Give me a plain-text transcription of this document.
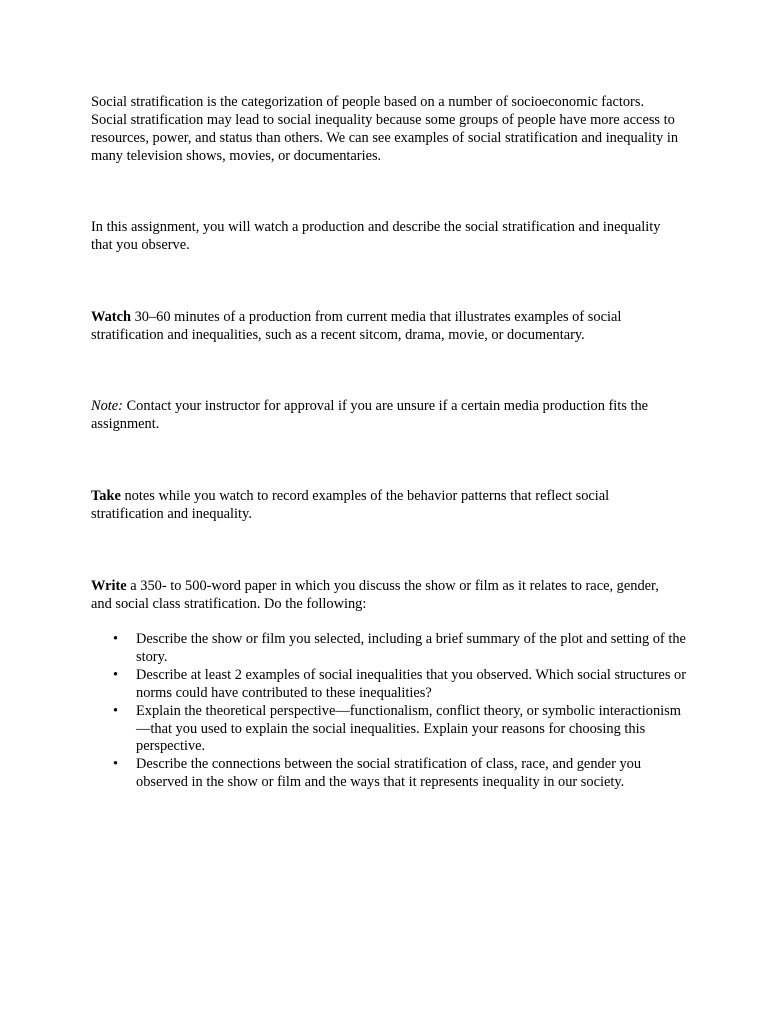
Social stratification is the categorization of people based on a number of socioeconomic factors. Social stratification may lead to social inequality because some groups of people have more access to resources, power, and status than others. We can see examples of social stratification and inequality in many television shows, movies, or documentaries.

In this assignment, you will watch a production and describe the social stratification and inequality that you observe.

Watch 30–60 minutes of a production from current media that illustrates examples of social stratification and inequalities, such as a recent sitcom, drama, movie, or documentary.

Note: Contact your instructor for approval if you are unsure if a certain media production fits the assignment.

Take notes while you watch to record examples of the behavior patterns that reflect social stratification and inequality.

Write a 350- to 500-word paper in which you discuss the show or film as it relates to race, gender, and social class stratification. Do the following:

• Describe the show or film you selected, including a brief summary of the plot and setting of the story.
• Describe at least 2 examples of social inequalities that you observed. Which social structures or norms could have contributed to these inequalities?
• Explain the theoretical perspective—functionalism, conflict theory, or symbolic interactionism—that you used to explain the social inequalities. Explain your reasons for choosing this perspective.
• Describe the connections between the social stratification of class, race, and gender you observed in the show or film and the ways that it represents inequality in our society.
